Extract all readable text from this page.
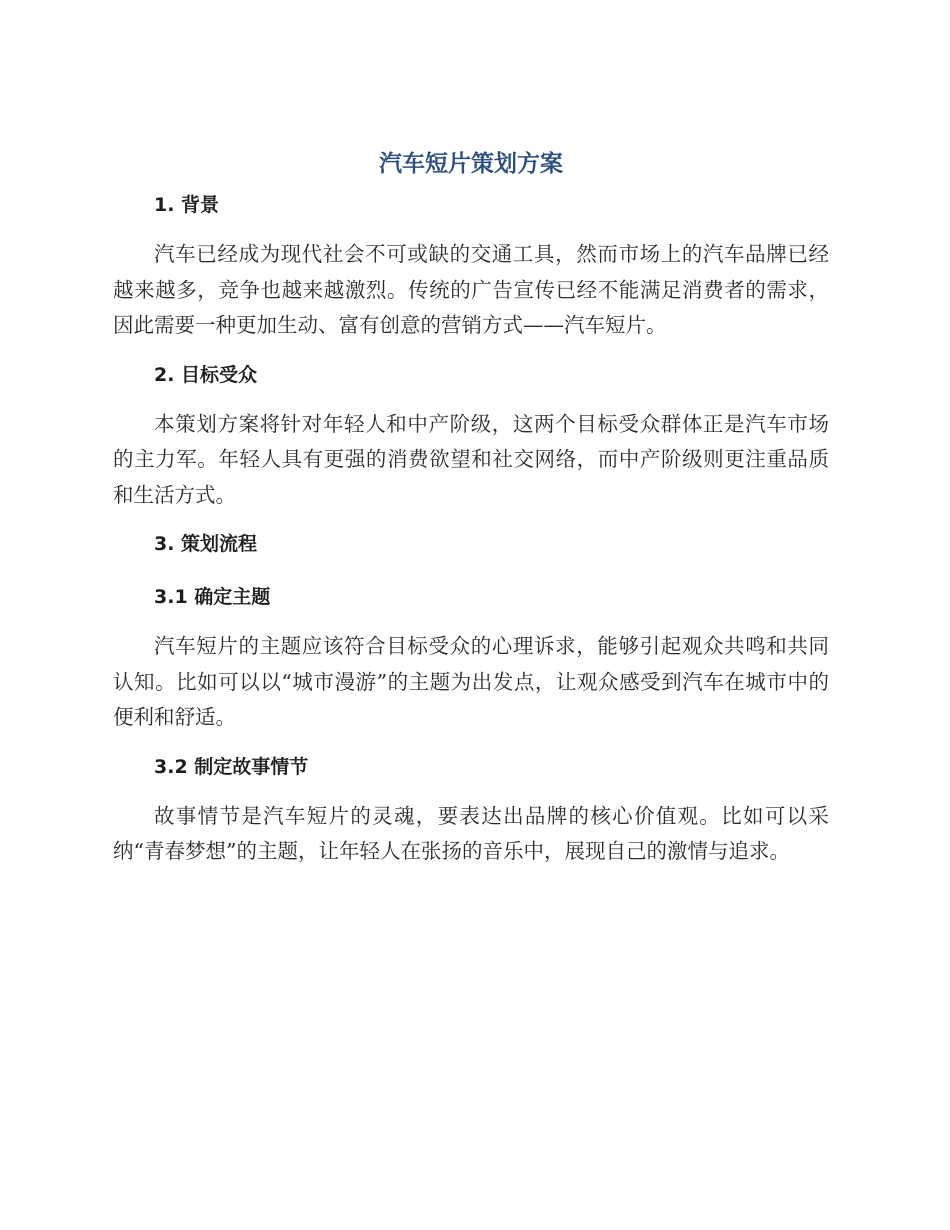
汽车短片策划方案
1. 背景

汽车已经成为现代社会不可或缺的交通工具，然而市场上的汽车品牌已经越来越多，竞争也越来越激烈。传统的广告宣传已经不能满足消费者的需求，因此需要一种更加生动、富有创意的营销方式——汽车短片。

2. 目标受众

本策划方案将针对年轻人和中产阶级，这两个目标受众群体正是汽车市场的主力军。年轻人具有更强的消费欲望和社交网络，而中产阶级则更注重品质和生活方式。

3. 策划流程
3.1 确定主题

汽车短片的主题应该符合目标受众的心理诉求，能够引起观众共鸣和共同认知。比如可以以“城市漫游”的主题为出发点，让观众感受到汽车在城市中的便利和舒适。

3.2 制定故事情节

故事情节是汽车短片的灵魂，要表达出品牌的核心价值观。比如可以采纳“青春梦想”的主题，让年轻人在张扬的音乐中，展现自己的激情与追求。
